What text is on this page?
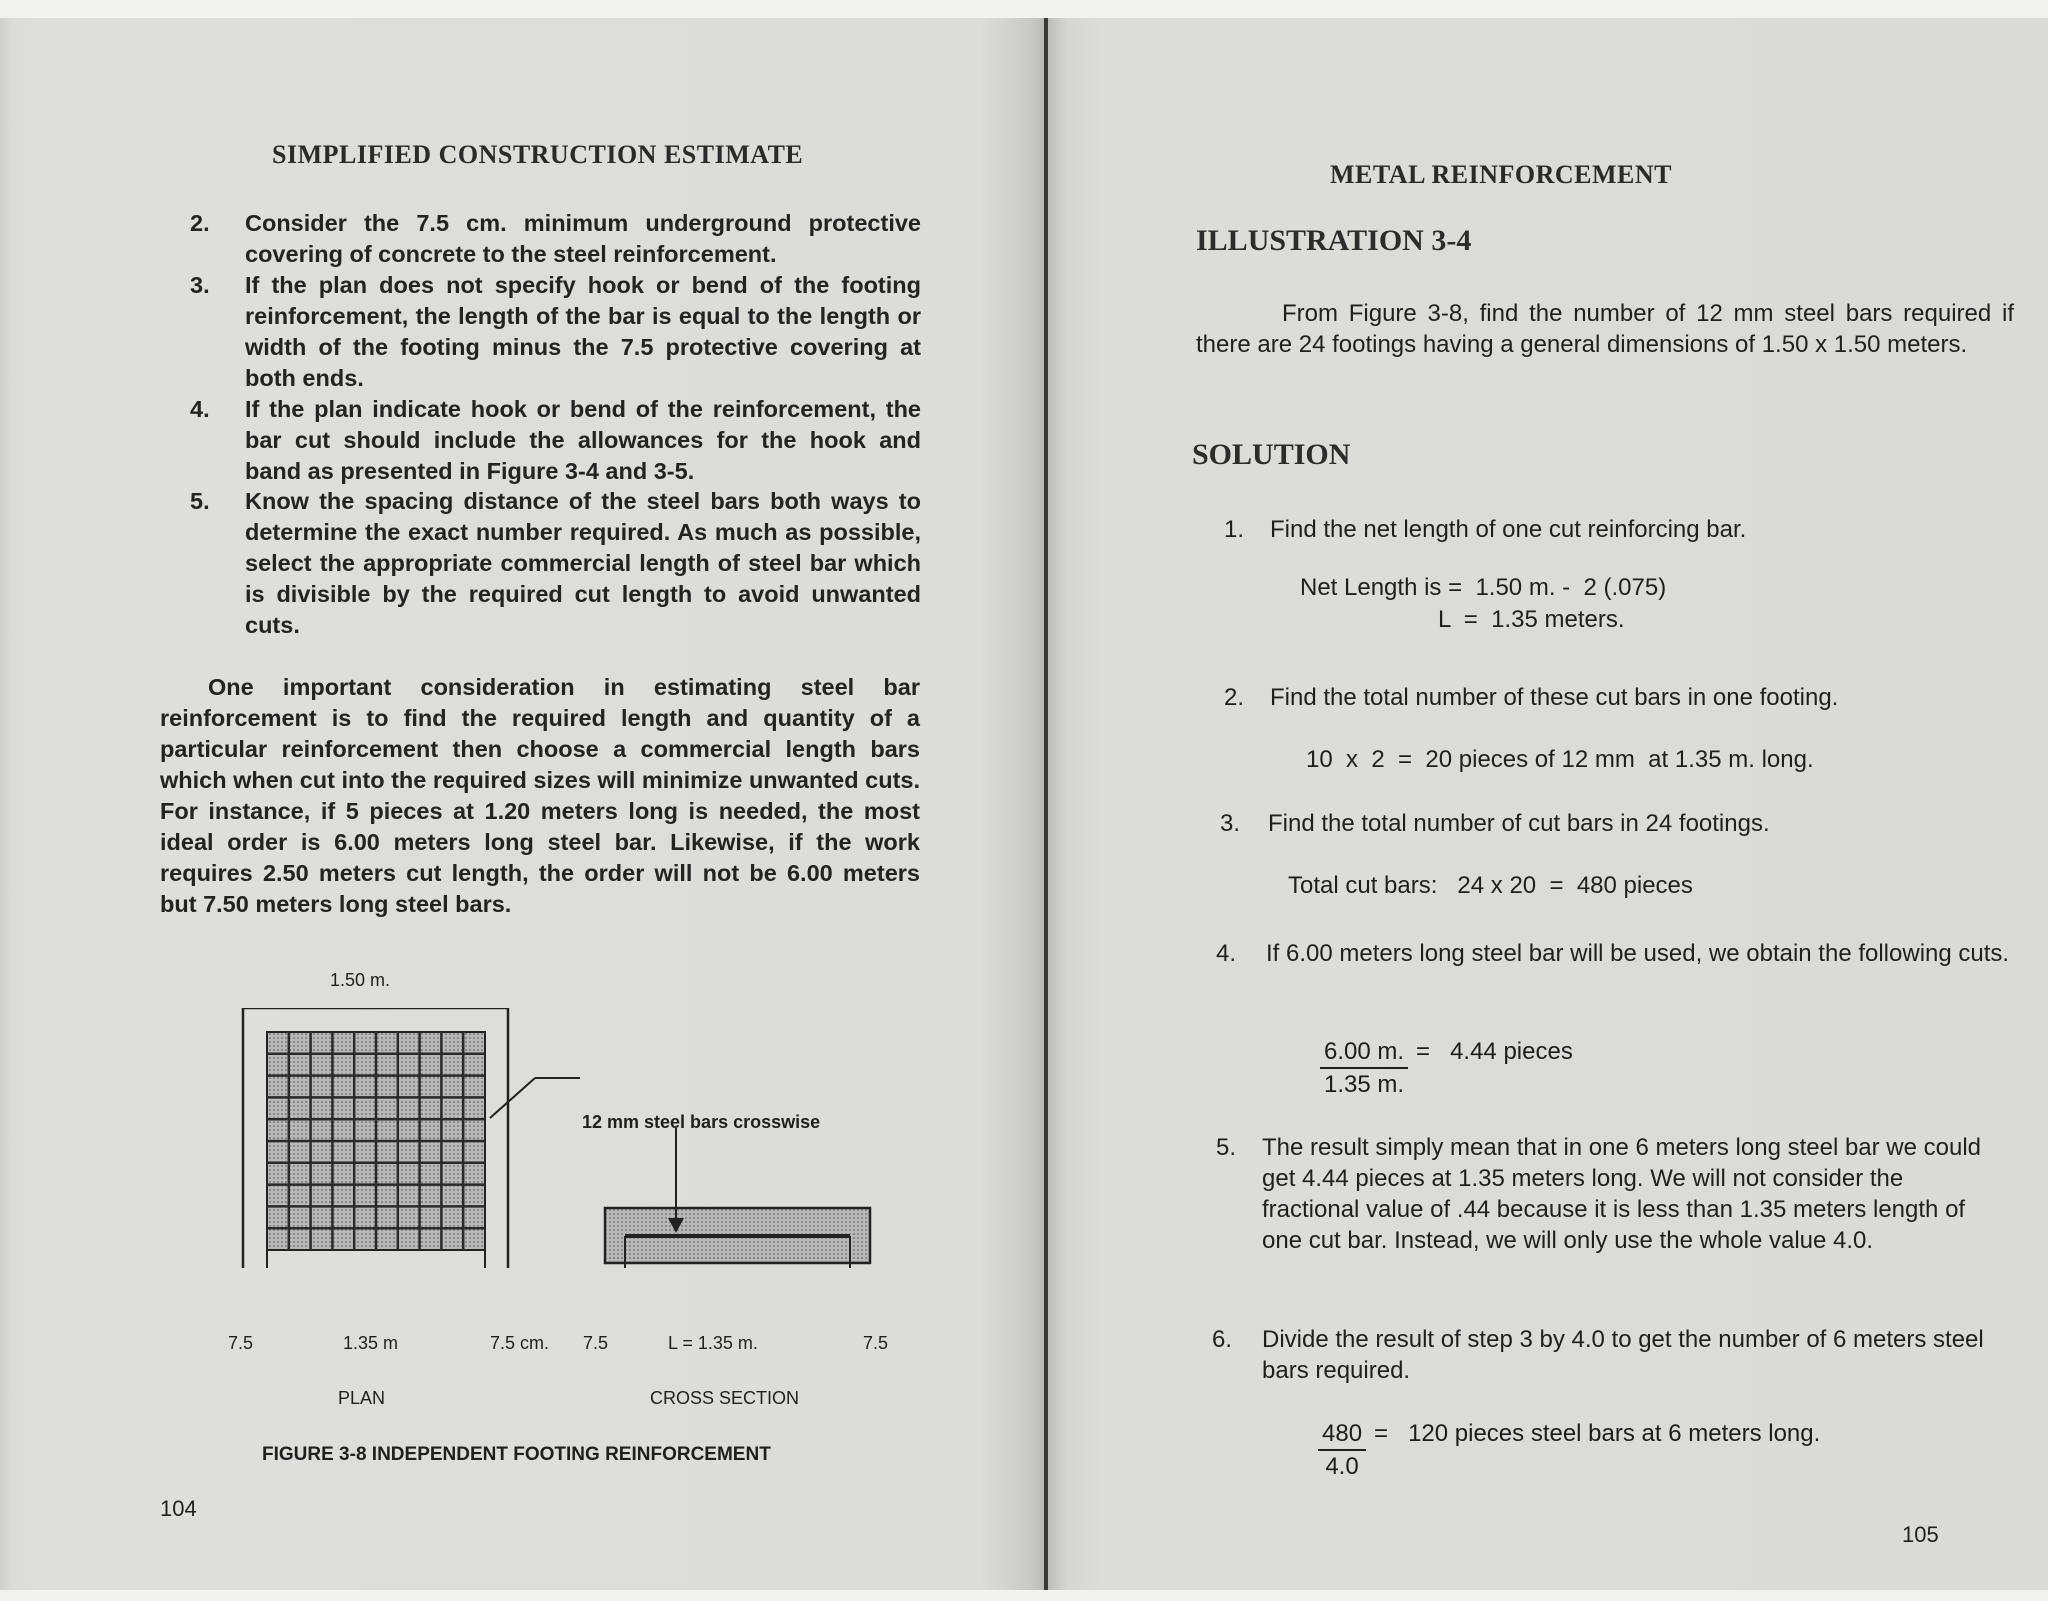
SIMPLIFIED CONSTRUCTION ESTIMATE
2.	Consider the 7.5 cm. minimum underground protective covering of concrete to the steel reinforcement.
3.	If the plan does not specify hook or bend of the footing reinforcement, the length of the bar is equal to the length or width of the footing minus the 7.5 protective covering at both ends.
4.	If the plan indicate hook or bend of the reinforcement, the bar cut should include the allowances for the hook and band as presented in Figure 3-4 and 3-5.
5.	Know the spacing distance of the steel bars both ways to determine the exact number required. As much as possible, select the appropriate commercial length of steel bar which is divisible by the required cut length to avoid unwanted cuts.
One important consideration in estimating steel bar reinforcement is to find the required length and quantity of a particular reinforcement then choose a commercial length bars which when cut into the required sizes will minimize unwanted cuts. For instance, if 5 pieces at 1.20 meters long is needed, the most ideal order is 6.00 meters long steel bar. Likewise, if the work requires 2.50 meters cut length, the order will not be 6.00 meters but 7.50 meters long steel bars.
1.50 m.
12 mm steel bars crosswise
7.5	1.35 m	7.5 cm. 7.5	L = 1.35 m.	7.5
PLAN	CROSS SECTION
FIGURE 3-8 INDEPENDENT FOOTING REINFORCEMENT
104
METAL REINFORCEMENT
ILLUSTRATION 3-4
From Figure 3-8, find the number of 12 mm steel bars required if there are 24 footings having a general dimensions of 1.50 x 1.50 meters.
SOLUTION
1. Find the net length of one cut reinforcing bar.
Net Length is =  1.50 m. -  2 (.075)
L  =  1.35 meters.
2. Find the total number of these cut bars in one footing.
10  x  2  =  20 pieces of 12 mm  at 1.35 m. long.
3. Find the total number of cut bars in 24 footings.
Total cut bars:   24 x 20  =  480 pieces
4. If 6.00 meters long steel bar will be used, we obtain the following cuts.
$\frac{6.00 m.}{1.35 m.} = 4.44$ pieces
5. The result simply mean that in one 6 meters long steel bar we could get 4.44 pieces at 1.35 meters long. We will not consider the fractional value of .44 because it is less than 1.35 meters length of one cut bar. Instead, we will only use the whole value 4.0.
6. Divide the result of step 3 by 4.0 to get the number of 6 meters steel bars required.
$\frac{480}{4.0} = 120$ pieces steel bars at 6 meters long.
105
